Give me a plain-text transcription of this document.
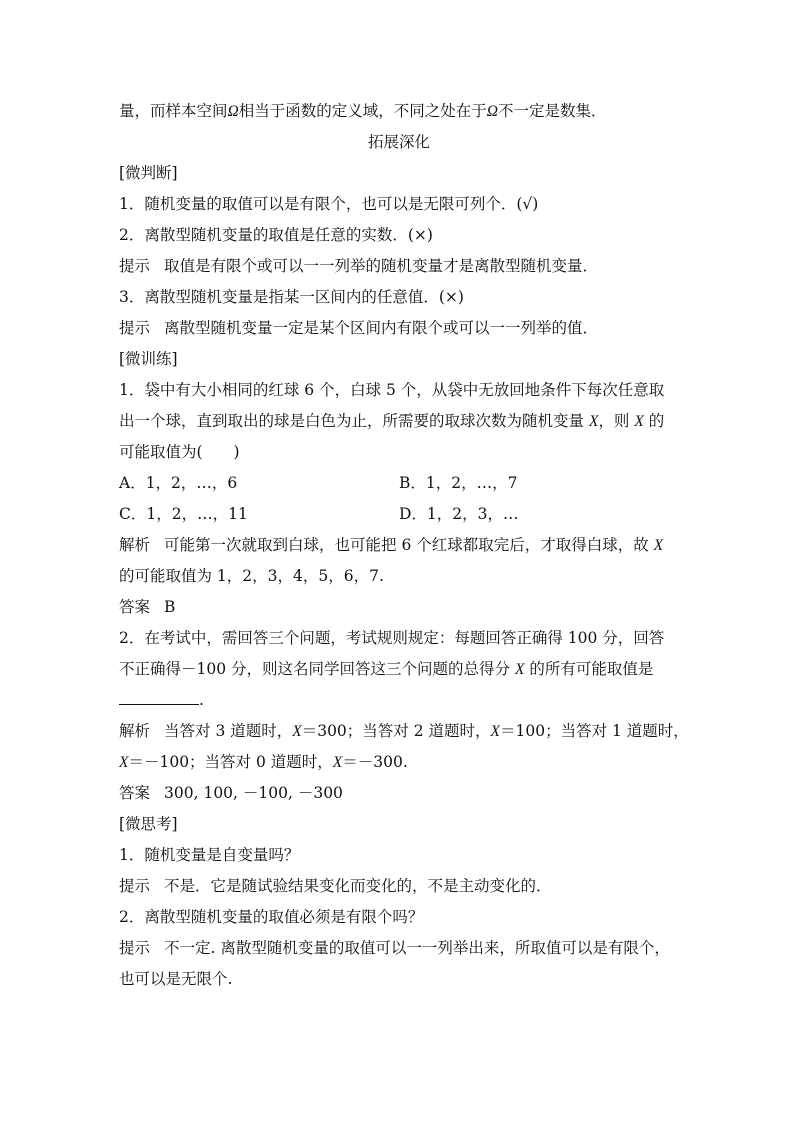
量，而样本空间Ω相当于函数的定义域，不同之处在于Ω不一定是数集．
拓展深化
[微判断]
1．随机变量的取值可以是有限个，也可以是无限可列个．(√)
2．离散型随机变量的取值是任意的实数．(×)
提示 取值是有限个或可以一一列举的随机变量才是离散型随机变量．
3．离散型随机变量是指某一区间内的任意值．(×)
提示 离散型随机变量一定是某个区间内有限个或可以一一列举的值．
[微训练]
1．袋中有大小相同的红球 6 个，白球 5 个，从袋中无放回地条件下每次任意取
出一个球，直到取出的球是白色为止，所需要的取球次数为随机变量 X，则 X 的
可能取值为(　　)
A．1，2，…，6	B．1，2，…，7
C．1，2，…，11	D．1，2，3，…
解析 可能第一次就取到白球，也可能把 6 个红球都取完后，才取得白球，故 X
的可能取值为 1，2，3，4，5，6，7.
答案 B
2．在考试中，需回答三个问题，考试规则规定：每题回答正确得 100 分，回答
不正确得－100 分，则这名同学回答这三个问题的总得分 X 的所有可能取值是
.
解析 当答对 3 道题时，X＝300；当答对 2 道题时，X＝100；当答对 1 道题时，
X＝－100；当答对 0 道题时，X＝－300.
答案 300, 100, －100, －300
[微思考]
1．随机变量是自变量吗？
提示 不是．它是随试验结果变化而变化的，不是主动变化的．
2．离散型随机变量的取值必须是有限个吗？
提示 不一定. 离散型随机变量的取值可以一一列举出来，所取值可以是有限个，
也可以是无限个.
